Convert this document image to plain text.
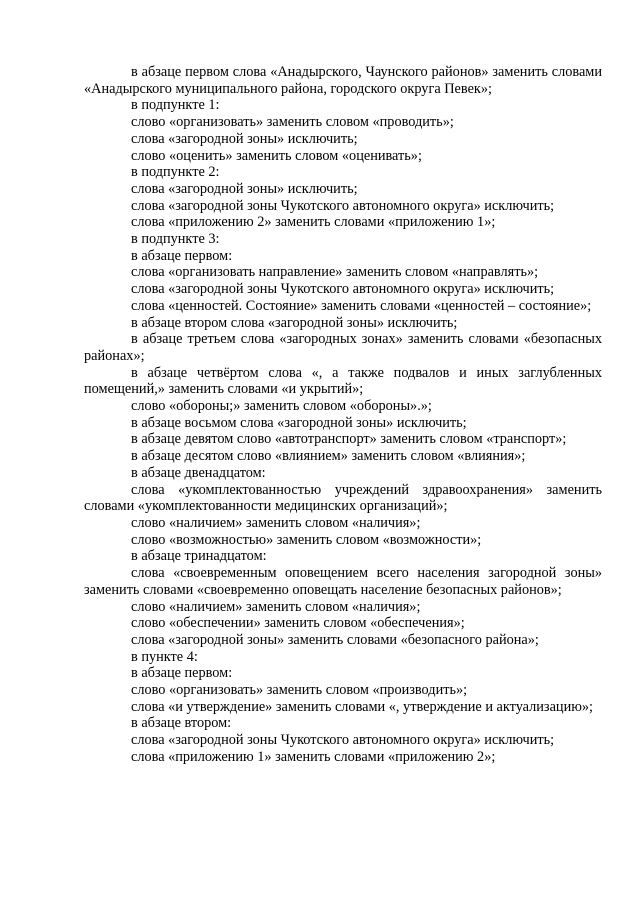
в абзаце первом слова «Анадырского, Чаунского районов» заменить словами «Анадырского муниципального района, городского округа Певек»;

в подпункте 1:

слово «организовать» заменить словом «проводить»;

слова «загородной зоны» исключить;

слово «оценить» заменить словом «оценивать»;

в подпункте 2:

слова «загородной зоны» исключить;

слова «загородной зоны Чукотского автономного округа» исключить;

слова «приложению 2» заменить словами «приложению 1»;

в подпункте 3:

в абзаце первом:

слова «организовать направление» заменить словом «направлять»;

слова «загородной зоны Чукотского автономного округа» исключить;

слова «ценностей. Состояние» заменить словами «ценностей – состояние»;

в абзаце втором слова «загородной зоны» исключить;

в абзаце третьем слова «загородных зонах» заменить словами «безопасных районах»;

в абзаце четвёртом слова «, а также подвалов и иных заглубленных помещений,» заменить словами «и укрытий»;

слово «обороны;» заменить словом «обороны».»;

в абзаце восьмом слова «загородной зоны» исключить;

в абзаце девятом слово «автотранспорт» заменить словом «транспорт»;

в абзаце десятом слово «влиянием» заменить словом «влияния»;

в абзаце двенадцатом:

слова «укомплектованностью учреждений здравоохранения» заменить словами «укомплектованности медицинских организаций»;

слово «наличием» заменить словом «наличия»;

слово «возможностью» заменить словом «возможности»;

в абзаце тринадцатом:

слова «своевременным оповещением всего населения загородной зоны» заменить словами «своевременно оповещать население безопасных районов»;

слово «наличием» заменить словом «наличия»;

слово «обеспечении» заменить словом «обеспечения»;

слова «загородной зоны» заменить словами «безопасного района»;

в пункте 4:

в абзаце первом:

слово «организовать» заменить словом «производить»;

слова «и утверждение» заменить словами «, утверждение и актуализацию»;

в абзаце втором:

слова «загородной зоны Чукотского автономного округа» исключить;

слова «приложению 1» заменить словами «приложению 2»;
